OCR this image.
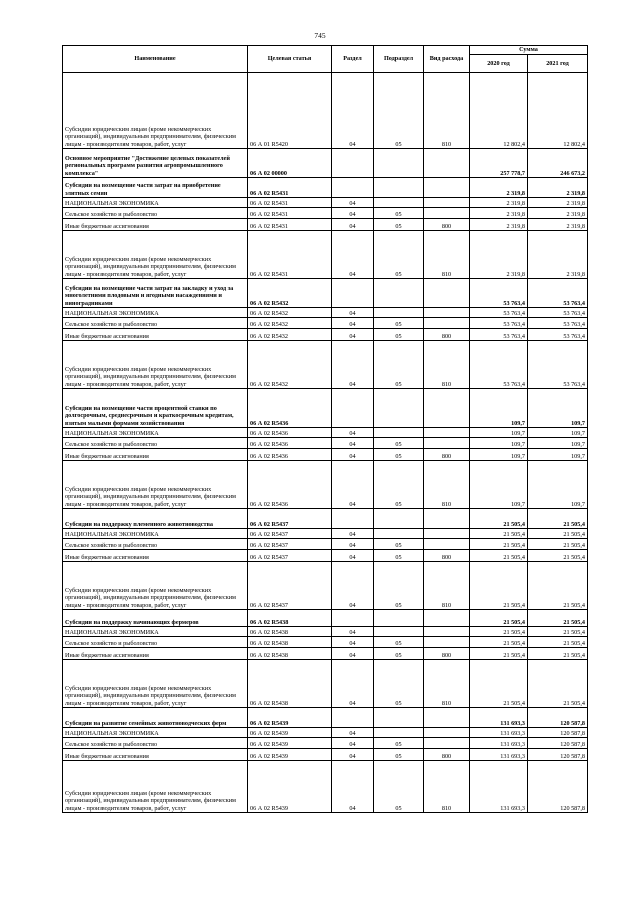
745
Наименование	Целевая статья	Раздел	Подраздел	Вид расхода	Сумма	
					2020 год	2021 год
Субсидии юридическим лицам (кроме некоммерческих организаций), индивидуальным предпринимателям, физическим лицам - производителям товаров, работ, услуг	06 А 01 R5420	04	05	810	12 802,4	12 802,4
Основное мероприятие "Достижение целевых показателей региональных программ развития агропромышленного комплекса"	06 А 02 00000				257 778,7	246 673,2
Субсидии на возмещение части затрат на приобретение элитных семян	06 А 02 R5431				2 319,8	2 319,8
НАЦИОНАЛЬНАЯ ЭКОНОМИКА	06 А 02 R5431	04			2 319,8	2 319,8
Сельское хозяйство и рыболовство	06 А 02 R5431	04	05		2 319,8	2 319,8
Иные бюджетные ассигнования	06 А 02 R5431	04	05	800	2 319,8	2 319,8
Субсидии юридическим лицам (кроме некоммерческих организаций), индивидуальным предпринимателям, физическим лицам - производителям товаров, работ, услуг	06 А 02 R5431	04	05	810	2 319,8	2 319,8
Субсидии на возмещение части затрат на закладку и уход за многолетними плодовыми и ягодными насаждениями и виноградниками	06 А 02 R5432				53 763,4	53 763,4
НАЦИОНАЛЬНАЯ ЭКОНОМИКА	06 А 02 R5432	04			53 763,4	53 763,4
Сельское хозяйство и рыболовство	06 А 02 R5432	04	05		53 763,4	53 763,4
Иные бюджетные ассигнования	06 А 02 R5432	04	05	800	53 763,4	53 763,4
Субсидии юридическим лицам (кроме некоммерческих организаций), индивидуальным предпринимателям, физическим лицам - производителям товаров, работ, услуг	06 А 02 R5432	04	05	810	53 763,4	53 763,4
Субсидии на возмещение части процентной ставки по долгосрочным, среднесрочным и краткосрочным кредитам, взятым малыми формами хозяйствования	06 А 02 R5436				109,7	109,7
НАЦИОНАЛЬНАЯ ЭКОНОМИКА	06 А 02 R5436	04			109,7	109,7
Сельское хозяйство и рыболовство	06 А 02 R5436	04	05		109,7	109,7
Иные бюджетные ассигнования	06 А 02 R5436	04	05	800	109,7	109,7
Субсидии юридическим лицам (кроме некоммерческих организаций), индивидуальным предпринимателям, физическим лицам - производителям товаров, работ, услуг	06 А 02 R5436	04	05	810	109,7	109,7
Субсидии на поддержку племенного животноводства	06 А 02 R5437				21 505,4	21 505,4
НАЦИОНАЛЬНАЯ ЭКОНОМИКА	06 А 02 R5437	04			21 505,4	21 505,4
Сельское хозяйство и рыболовство	06 А 02 R5437	04	05		21 505,4	21 505,4
Иные бюджетные ассигнования	06 А 02 R5437	04	05	800	21 505,4	21 505,4
Субсидии юридическим лицам (кроме некоммерческих организаций), индивидуальным предпринимателям, физическим лицам - производителям товаров, работ, услуг	06 А 02 R5437	04	05	810	21 505,4	21 505,4
Субсидии на поддержку начинающих фермеров	06 А 02 R5438				21 505,4	21 505,4
НАЦИОНАЛЬНАЯ ЭКОНОМИКА	06 А 02 R5438	04			21 505,4	21 505,4
Сельское хозяйство и рыболовство	06 А 02 R5438	04	05		21 505,4	21 505,4
Иные бюджетные ассигнования	06 А 02 R5438	04	05	800	21 505,4	21 505,4
Субсидии юридическим лицам (кроме некоммерческих организаций), индивидуальным предпринимателям, физическим лицам - производителям товаров, работ, услуг	06 А 02 R5438	04	05	810	21 505,4	21 505,4
Субсидии на развитие семейных животноводческих ферм	06 А 02 R5439				131 693,3	120 587,8
НАЦИОНАЛЬНАЯ ЭКОНОМИКА	06 А 02 R5439	04			131 693,3	120 587,8
Сельское хозяйство и рыболовство	06 А 02 R5439	04	05		131 693,3	120 587,8
Иные бюджетные ассигнования	06 А 02 R5439	04	05	800	131 693,3	120 587,8
Субсидии юридическим лицам (кроме некоммерческих организаций), индивидуальным предпринимателям, физическим лицам - производителям товаров, работ, услуг	06 А 02 R5439	04	05	810	131 693,3	120 587,8
